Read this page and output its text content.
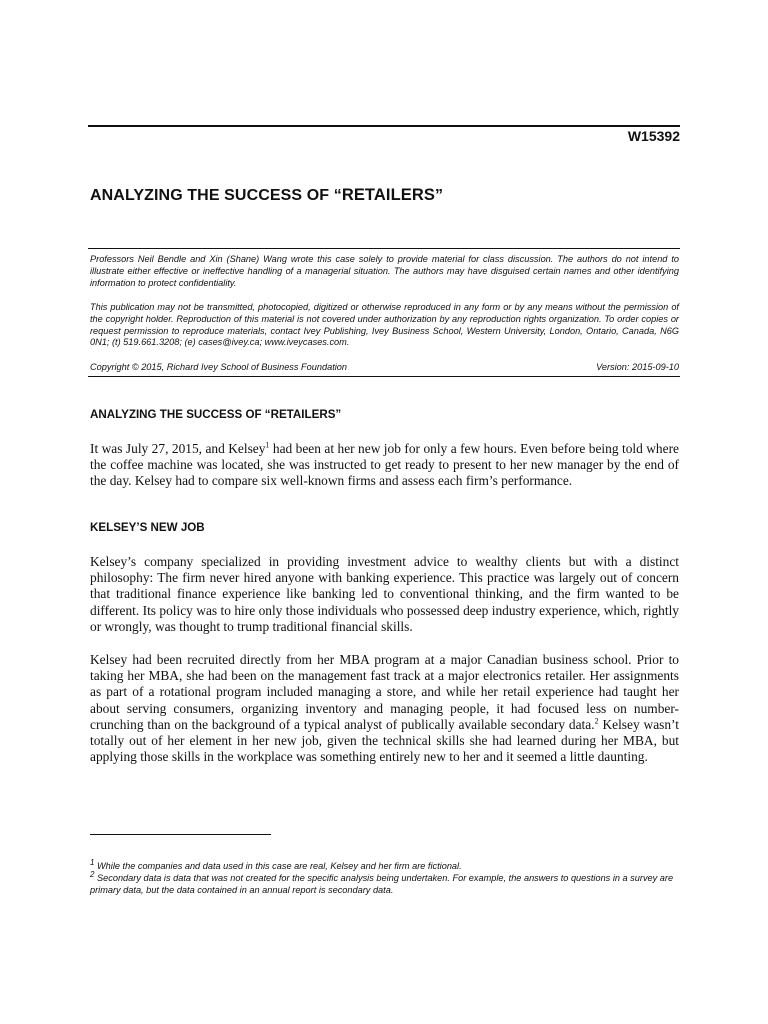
W15392
ANALYZING THE SUCCESS OF “RETAILERS”

Professors Neil Bendle and Xin (Shane) Wang wrote this case solely to provide material for class discussion. The authors do not intend to illustrate either effective or ineffective handling of a managerial situation. The authors may have disguised certain names and other identifying information to protect confidentiality.

This publication may not be transmitted, photocopied, digitized or otherwise reproduced in any form or by any means without the permission of the copyright holder. Reproduction of this material is not covered under authorization by any reproduction rights organization. To order copies or request permission to reproduce materials, contact Ivey Publishing, Ivey Business School, Western University, London, Ontario, Canada, N6G 0N1; (t) 519.661.3208; (e) cases@ivey.ca; www.iveycases.com.

Copyright © 2015, Richard Ivey School of Business Foundation	Version: 2015-09-10
ANALYZING THE SUCCESS OF “RETAILERS”

It was July 27, 2015, and Kelsey$^1$ had been at her new job for only a few hours. Even before being told where the coffee machine was located, she was instructed to get ready to present to her new manager by the end of the day. Kelsey had to compare six well-known firms and assess each firm’s performance.

KELSEY’S NEW JOB

Kelsey’s company specialized in providing investment advice to wealthy clients but with a distinct philosophy: The firm never hired anyone with banking experience. This practice was largely out of concern that traditional finance experience like banking led to conventional thinking, and the firm wanted to be different. Its policy was to hire only those individuals who possessed deep industry experience, which, rightly or wrongly, was thought to trump traditional financial skills.

Kelsey had been recruited directly from her MBA program at a major Canadian business school. Prior to taking her MBA, she had been on the management fast track at a major electronics retailer. Her assignments as part of a rotational program included managing a store, and while her retail experience had taught her about serving consumers, organizing inventory and managing people, it had focused less on number-crunching than on the background of a typical analyst of publically available secondary data.$^2$ Kelsey wasn’t totally out of her element in her new job, given the technical skills she had learned during her MBA, but applying those skills in the workplace was something entirely new to her and it seemed a little daunting.

$^1$ While the companies and data used in this case are real, Kelsey and her firm are fictional.

$^2$ Secondary data is data that was not created for the specific analysis being undertaken. For example, the answers to questions in a survey are primary data, but the data contained in an annual report is secondary data.
